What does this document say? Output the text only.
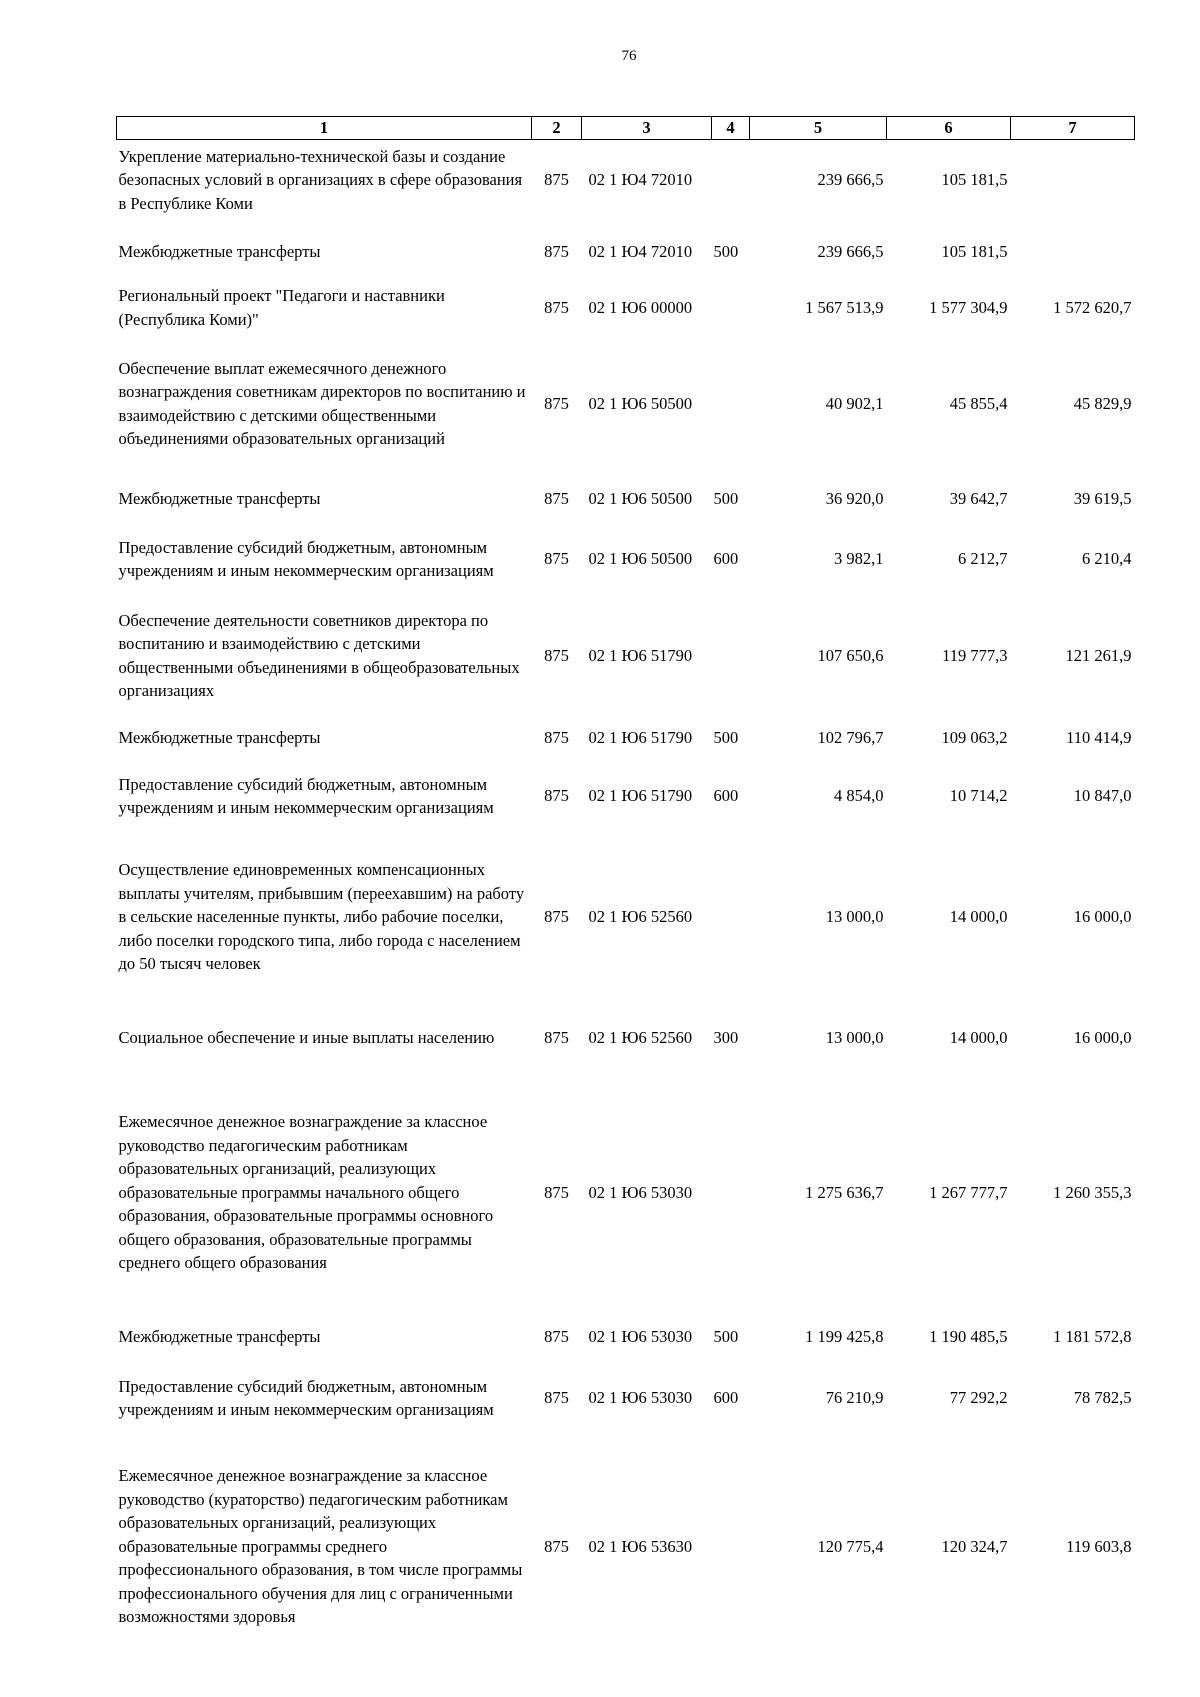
76
1	2	3	4	5	6	7
Укрепление материально-технической базы и создание безопасных условий в организациях в сфере образования в Республике Коми	875	02 1 Ю4 72010		239 666,5	105 181,5	
Межбюджетные трансферты	875	02 1 Ю4 72010	500	239 666,5	105 181,5	
Региональный проект "Педагоги и наставники (Республика Коми)"	875	02 1 Ю6 00000		1 567 513,9	1 577 304,9	1 572 620,7
Обеспечение выплат ежемесячного денежного вознаграждения советникам директоров по воспитанию и взаимодействию с детскими общественными объединениями образовательных организаций	875	02 1 Ю6 50500		40 902,1	45 855,4	45 829,9
Межбюджетные трансферты	875	02 1 Ю6 50500	500	36 920,0	39 642,7	39 619,5
Предоставление субсидий бюджетным, автономным учреждениям и иным некоммерческим организациям	875	02 1 Ю6 50500	600	3 982,1	6 212,7	6 210,4
Обеспечение деятельности советников директора по воспитанию и взаимодействию с детскими общественными объединениями в общеобразовательных организациях	875	02 1 Ю6 51790		107 650,6	119 777,3	121 261,9
Межбюджетные трансферты	875	02 1 Ю6 51790	500	102 796,7	109 063,2	110 414,9
Предоставление субсидий бюджетным, автономным учреждениям и иным некоммерческим организациям	875	02 1 Ю6 51790	600	4 854,0	10 714,2	10 847,0
Осуществление единовременных компенсационных выплаты учителям, прибывшим (переехавшим) на работу в сельские населенные пункты, либо рабочие поселки, либо поселки городского типа, либо города с населением до 50 тысяч человек	875	02 1 Ю6 52560		13 000,0	14 000,0	16 000,0
Социальное обеспечение и иные выплаты населению	875	02 1 Ю6 52560	300	13 000,0	14 000,0	16 000,0
Ежемесячное денежное вознаграждение за классное руководство педагогическим работникам образовательных организаций, реализующих образовательные программы начального общего образования, образовательные программы основного общего образования, образовательные программы среднего общего образования	875	02 1 Ю6 53030		1 275 636,7	1 267 777,7	1 260 355,3
Межбюджетные трансферты	875	02 1 Ю6 53030	500	1 199 425,8	1 190 485,5	1 181 572,8
Предоставление субсидий бюджетным, автономным учреждениям и иным некоммерческим организациям	875	02 1 Ю6 53030	600	76 210,9	77 292,2	78 782,5
Ежемесячное денежное вознаграждение за классное руководство (кураторство) педагогическим работникам образовательных организаций, реализующих образовательные программы среднего профессионального образования, в том числе программы профессионального обучения для лиц с ограниченными возможностями здоровья	875	02 1 Ю6 53630		120 775,4	120 324,7	119 603,8
